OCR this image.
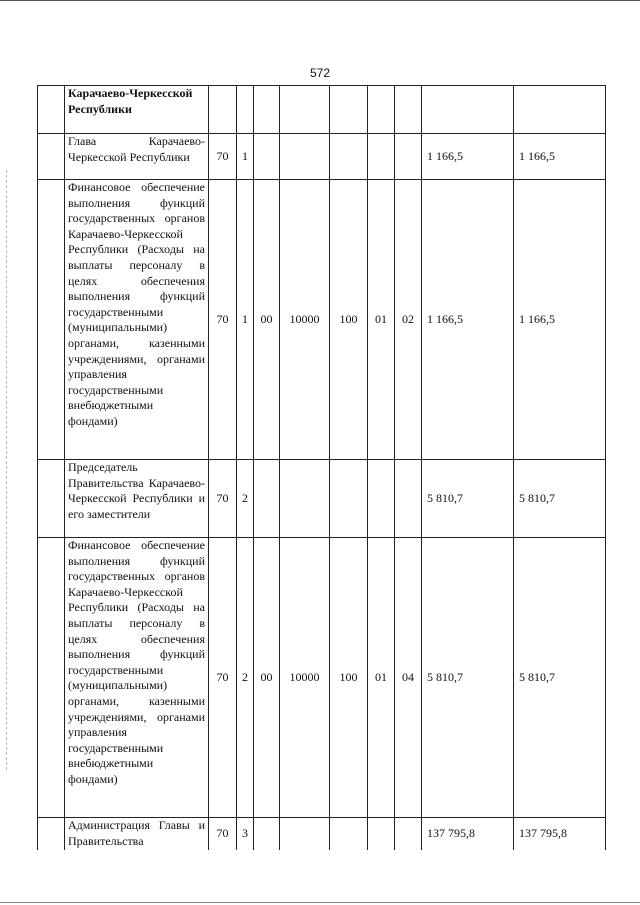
572
	Карачаево-Черкесской Республики									
	Глава Карачаево-Черкесской Республики	70	1						1 166,5	1 166,5
	Финансовое обеспечение выполнения функций государственных органов Карачаево-Черкесской Республики (Расходы на выплаты персоналу в целях обеспечения выполнения функций государственными (муниципальными) органами, казенными учреждениями, органами управления государственными внебюджетными фондами)	70	1	00	10000	100	01	02	1 166,5	1 166,5
	Председатель Правительства Карачаево-Черкесской Республики и его заместители	70	2						5 810,7	5 810,7
	Финансовое обеспечение выполнения функций государственных органов Карачаево-Черкесской Республики (Расходы на выплаты персоналу в целях обеспечения выполнения функций государственными (муниципальными) органами, казенными учреждениями, органами управления государственными внебюджетными фондами)	70	2	00	10000	100	01	04	5 810,7	5 810,7
	Администрация Главы и Правительства	70	3						137 795,8	137 795,8
